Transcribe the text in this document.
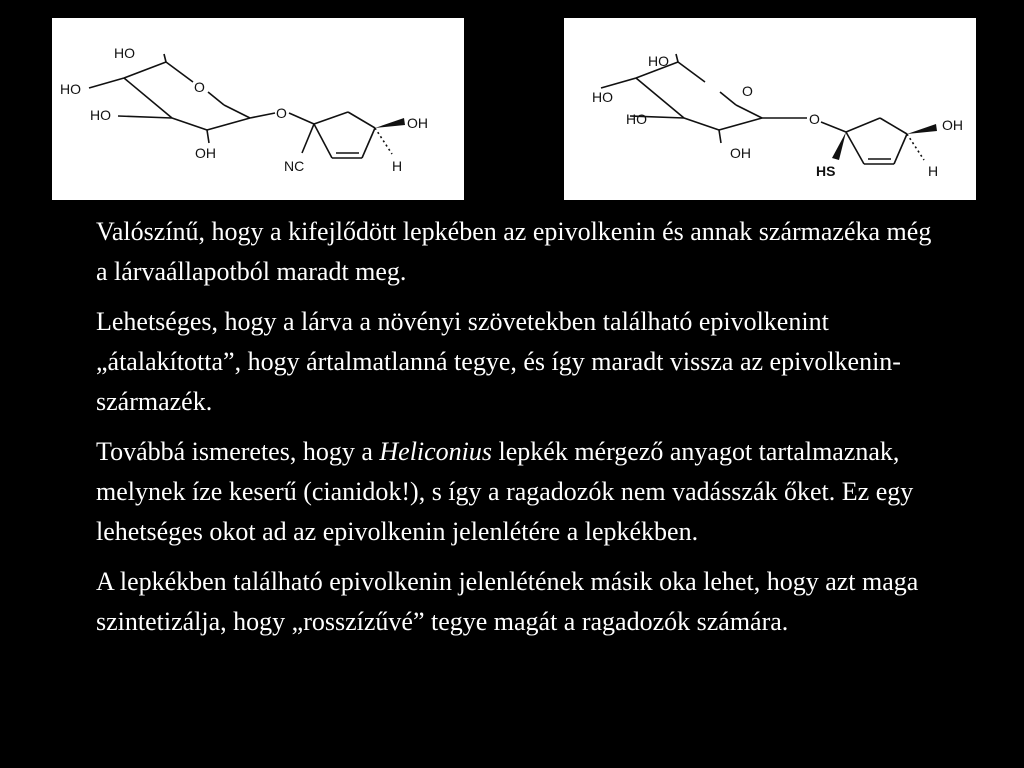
HO
HO
HO
O
OH
O
OH
NC	H
HO
HO
HO
O
OH
O	OH
HS	H

Valószínű, hogy a kifejlődött lepkében az epivolkenin és annak származéka még a lárvaállapotból maradt meg.

Lehetséges, hogy a lárva a növényi szövetekben található epivolkenint „átalakította”, hogy ártalmatlanná tegye, és így maradt vissza az epivolkenin-származék.

Továbbá ismeretes, hogy a Heliconius lepkék mérgező anyagot tartalmaznak, melynek íze keserű (cianidok!), s így a ragadozók nem vadásszák őket. Ez egy lehetséges okot ad az epivolkenin jelenlétére a lepkékben.

A lepkékben található epivolkenin jelenlétének másik oka lehet, hogy azt maga szintetizálja, hogy „rosszízűvé” tegye magát a ragadozók számára.
